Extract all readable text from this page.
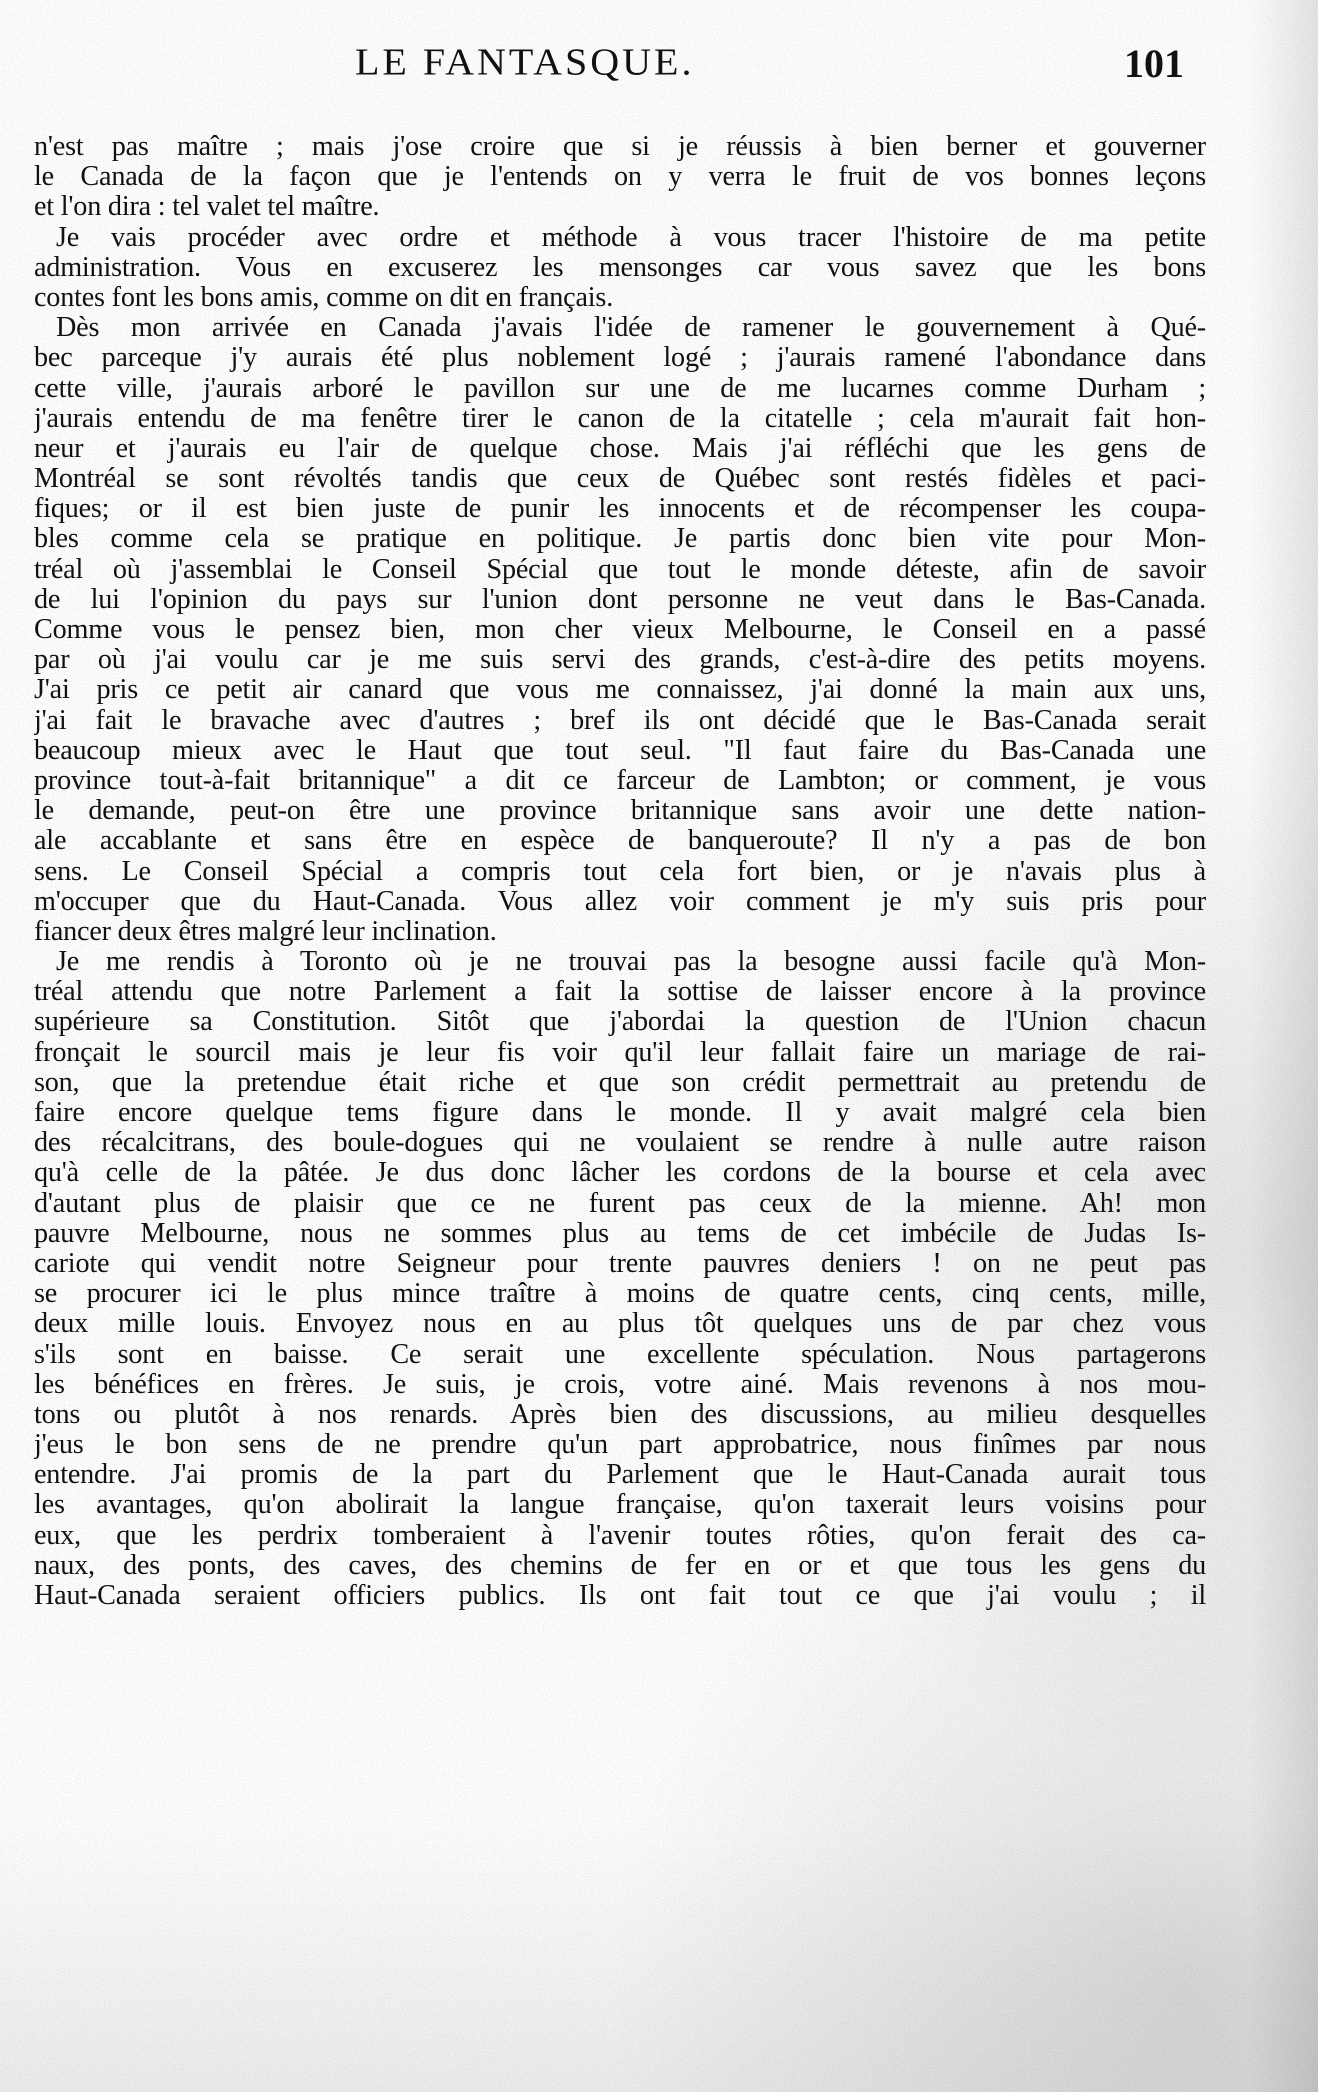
LE FANTASQUE.	101
n'est pas maître ; mais j'ose croire que si je réussis à bien berner et gouverner
le Canada de la façon que je l'entends on y verra le fruit de vos bonnes leçons
et l'on dira : tel valet tel maître.
Je vais procéder avec ordre et méthode à vous tracer l'histoire de ma petite
administration. Vous en excuserez les mensonges car vous savez que les bons
contes font les bons amis, comme on dit en français.
Dès mon arrivée en Canada j'avais l'idée de ramener le gouvernement à Qué-
bec parceque j'y aurais été plus noblement logé ; j'aurais ramené l'abondance dans
cette ville, j'aurais arboré le pavillon sur une de me lucarnes comme Durham ;
j'aurais entendu de ma fenêtre tirer le canon de la citatelle ; cela m'aurait fait hon-
neur et j'aurais eu l'air de quelque chose. Mais j'ai réfléchi que les gens de
Montréal se sont révoltés tandis que ceux de Québec sont restés fidèles et paci-
fiques; or il est bien juste de punir les innocents et de récompenser les coupa-
bles comme cela se pratique en politique. Je partis donc bien vite pour Mon-
tréal où j'assemblai le Conseil Spécial que tout le monde déteste, afin de savoir
de lui l'opinion du pays sur l'union dont personne ne veut dans le Bas-Canada.
Comme vous le pensez bien, mon cher vieux Melbourne, le Conseil en a passé
par où j'ai voulu car je me suis servi des grands, c'est-à-dire des petits moyens.
J'ai pris ce petit air canard que vous me connaissez, j'ai donné la main aux uns,
j'ai fait le bravache avec d'autres ; bref ils ont décidé que le Bas-Canada serait
beaucoup mieux avec le Haut que tout seul. "Il faut faire du Bas-Canada une
province tout-à-fait britannique" a dit ce farceur de Lambton; or comment, je vous
le demande, peut-on être une province britannique sans avoir une dette nation-
ale accablante et sans être en espèce de banqueroute? Il n'y a pas de bon
sens. Le Conseil Spécial a compris tout cela fort bien, or je n'avais plus à
m'occuper que du Haut-Canada. Vous allez voir comment je m'y suis pris pour
fiancer deux êtres malgré leur inclination.
Je me rendis à Toronto où je ne trouvai pas la besogne aussi facile qu'à Mon-
tréal attendu que notre Parlement a fait la sottise de laisser encore à la province
supérieure sa Constitution. Sitôt que j'abordai la question de l'Union chacun
fronçait le sourcil mais je leur fis voir qu'il leur fallait faire un mariage de rai-
son, que la pretendue était riche et que son crédit permettrait au pretendu de
faire encore quelque tems figure dans le monde. Il y avait malgré cela bien
des récalcitrans, des boule-dogues qui ne voulaient se rendre à nulle autre raison
qu'à celle de la pâtée. Je dus donc lâcher les cordons de la bourse et cela avec
d'autant plus de plaisir que ce ne furent pas ceux de la mienne. Ah! mon
pauvre Melbourne, nous ne sommes plus au tems de cet imbécile de Judas Is-
cariote qui vendit notre Seigneur pour trente pauvres deniers ! on ne peut pas
se procurer ici le plus mince traître à moins de quatre cents, cinq cents, mille,
deux mille louis. Envoyez nous en au plus tôt quelques uns de par chez vous
s'ils sont en baisse. Ce serait une excellente spéculation. Nous partagerons
les bénéfices en frères. Je suis, je crois, votre ainé. Mais revenons à nos mou-
tons ou plutôt à nos renards. Après bien des discussions, au milieu desquelles
j'eus le bon sens de ne prendre qu'un part approbatrice, nous finîmes par nous
entendre. J'ai promis de la part du Parlement que le Haut-Canada aurait tous
les avantages, qu'on abolirait la langue française, qu'on taxerait leurs voisins pour
eux, que les perdrix tomberaient à l'avenir toutes rôties, qu'on ferait des ca-
naux, des ponts, des caves, des chemins de fer en or et que tous les gens du
Haut-Canada seraient officiers publics. Ils ont fait tout ce que j'ai voulu ; il
